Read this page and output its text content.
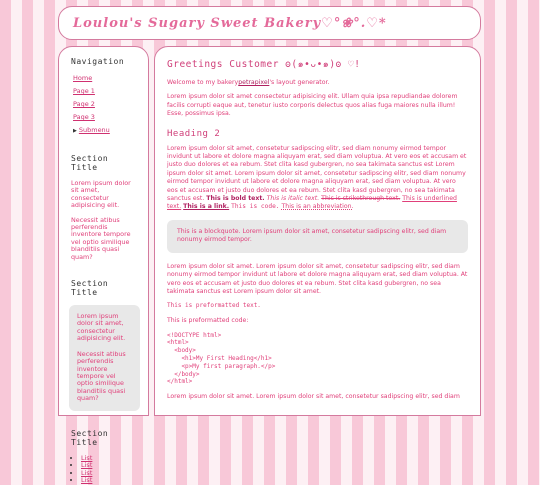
Loulou's Sugary Sweet Bakery♡°❀°.♡*
Navigation
Home
Page 1
Page 2
Page 3
▶ Submenu
Section Title
Lorem ipsum dolor sit amet, consectetur adipisicing elit.
Necessit atibus perferendis inventore tempore vel optio similique blanditiis quasi quam?
Section Title
Lorem ipsum dolor sit amet, consectetur adipisicing elit.
Necessit atibus perferendis inventore tempore vel optio similique blanditiis quasi quam?
Section Title
• List
• List
• List
• List
Greetings Customer ʘ(๑•ᴗ•๑)ʘ ♡!
Welcome to my bakerypetrapixel's layout generator.
Lorem ipsum dolor sit amet consectetur adipisicing elit. Ullam quia ipsa repudiandae dolorem facilis corrupti eaque aut, tenetur iusto corporis delectus quos alias fuga maiores nulla illum! Esse, possimus ipsa.
Heading 2
Lorem ipsum dolor sit amet, consetetur sadipscing elitr, sed diam nonumy eirmod tempor invidunt ut labore et dolore magna aliquyam erat, sed diam voluptua. At vero eos et accusam et justo duo dolores et ea rebum. Stet clita kasd gubergren, no sea takimata sanctus est Lorem ipsum dolor sit amet. Lorem ipsum dolor sit amet, consetetur sadipscing elitr, sed diam nonumy eirmod tempor invidunt ut labore et dolore magna aliquyam erat, sed diam voluptua. At vero eos et accusam et justo duo dolores et ea rebum. Stet clita kasd gubergren, no sea takimata sanctus est. This is bold text. This is italic text. This is strikethrough text. This is underlined text. This is a link. This is code. This is an abbreviation.
This is a blockquote. Lorem ipsum dolor sit amet, consetetur sadipscing elitr, sed diam nonumy eirmod tempor.
Lorem ipsum dolor sit amet. Lorem ipsum dolor sit amet, consetetur sadipscing elitr, sed diam nonumy eirmod tempor invidunt ut labore et dolore magna aliquyam erat, sed diam voluptua. At vero eos et accusam et justo duo dolores et ea rebum. Stet clita kasd gubergren, no sea takimata sanctus est Lorem ipsum dolor sit amet.
This is preformatted text.
This is preformatted code:
<!DOCTYPE html>
<html>
<body>
<h1>My First Heading</h1>
<p>My first paragraph.</p>
</body>
</html>
Lorem ipsum dolor sit amet. Lorem ipsum dolor sit amet, consetetur sadipscing elitr, sed diam
